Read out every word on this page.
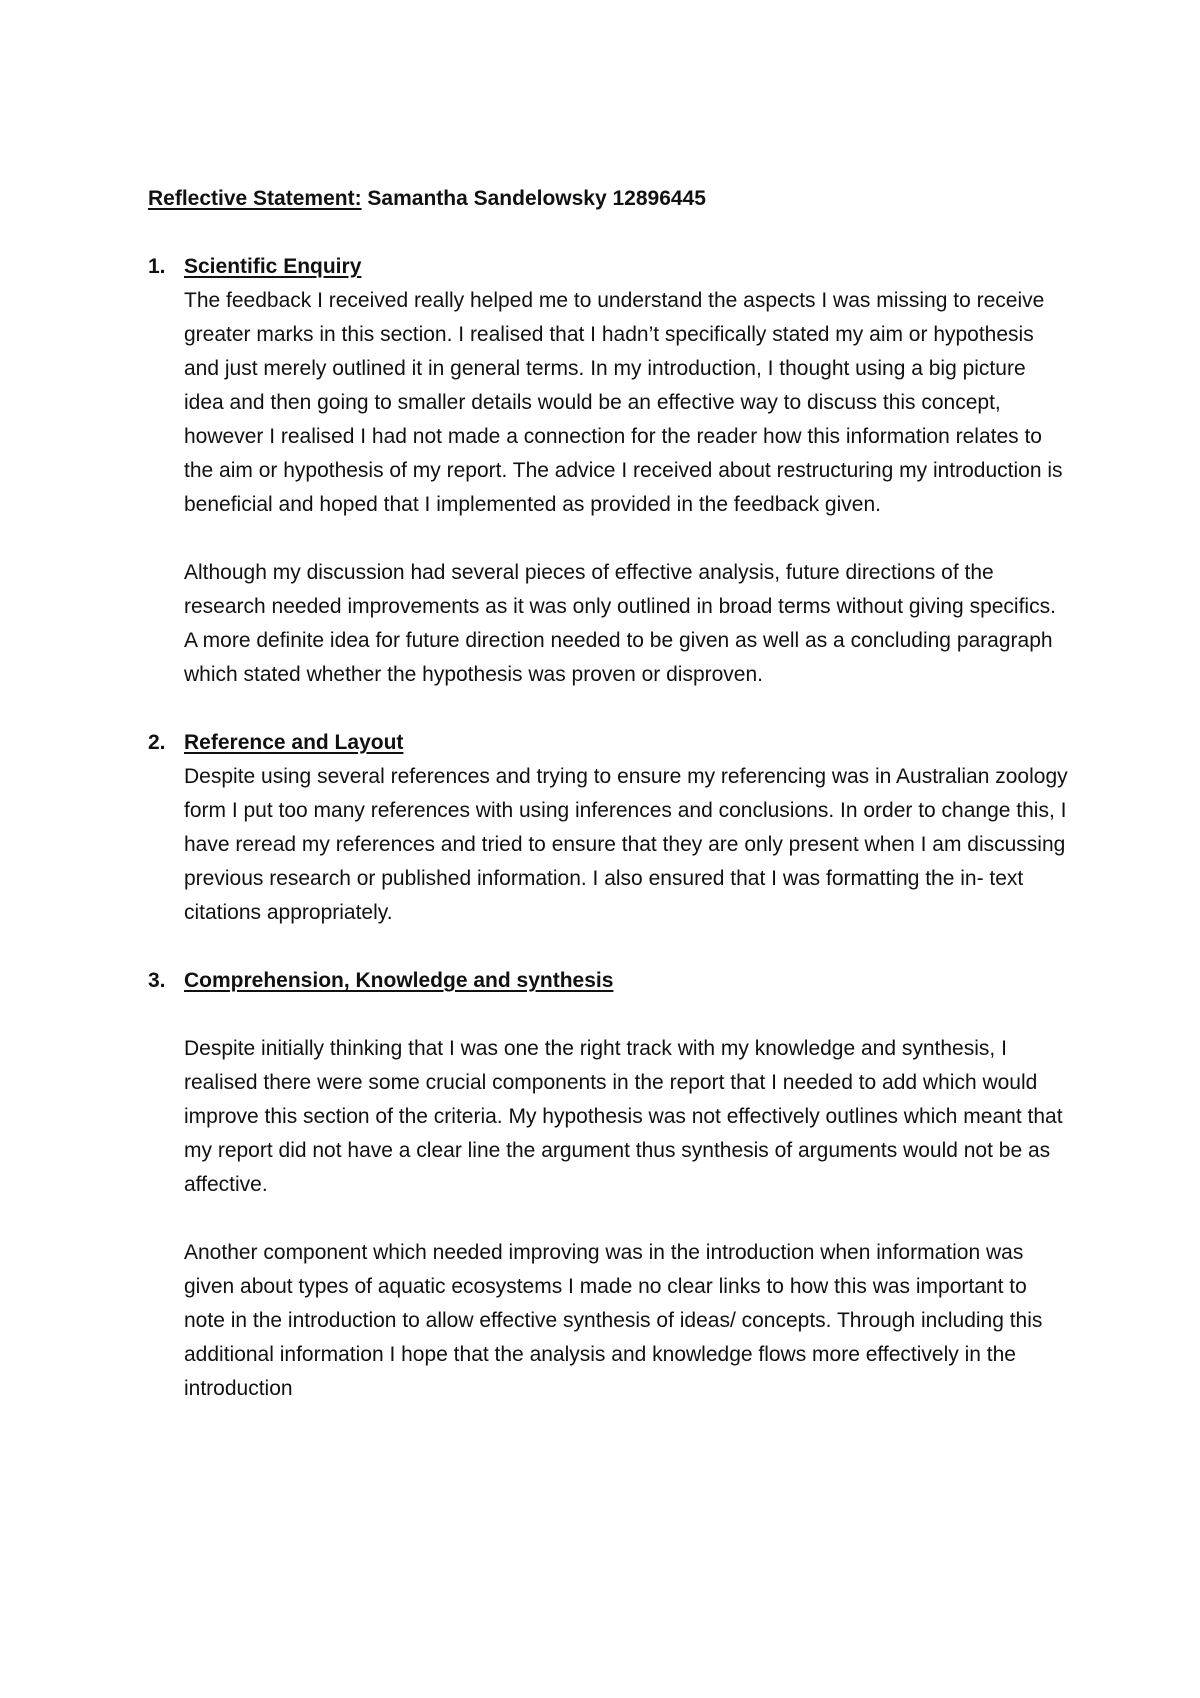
Reflective Statement: Samantha Sandelowsky 12896445

1. Scientific Enquiry

The feedback I received really helped me to understand the aspects I was missing to receive greater marks in this section. I realised that I hadn’t specifically stated my aim or hypothesis and just merely outlined it in general terms. In my introduction, I thought using a big picture idea and then going to smaller details would be an effective way to discuss this concept, however I realised I had not made a connection for the reader how this information relates to the aim or hypothesis of my report. The advice I received about restructuring my introduction is beneficial and hoped that I implemented as provided in the feedback given.

Although my discussion had several pieces of effective analysis, future directions of the research needed improvements as it was only outlined in broad terms without giving specifics. A more definite idea for future direction needed to be given as well as a concluding paragraph which stated whether the hypothesis was proven or disproven.

2. Reference and Layout

Despite using several references and trying to ensure my referencing was in Australian zoology form I put too many references with using inferences and conclusions. In order to change this, I have reread my references and tried to ensure that they are only present when I am discussing previous research or published information. I also ensured that I was formatting the in- text citations appropriately.

3. Comprehension, Knowledge and synthesis

Despite initially thinking that I was one the right track with my knowledge and synthesis, I realised there were some crucial components in the report that I needed to add which would improve this section of the criteria. My hypothesis was not effectively outlines which meant that my report did not have a clear line the argument thus synthesis of arguments would not be as affective.

Another component which needed improving was in the introduction when information was given about types of aquatic ecosystems I made no clear links to how this was important to note in the introduction to allow effective synthesis of ideas/ concepts. Through including this additional information I hope that the analysis and knowledge flows more effectively in the introduction
